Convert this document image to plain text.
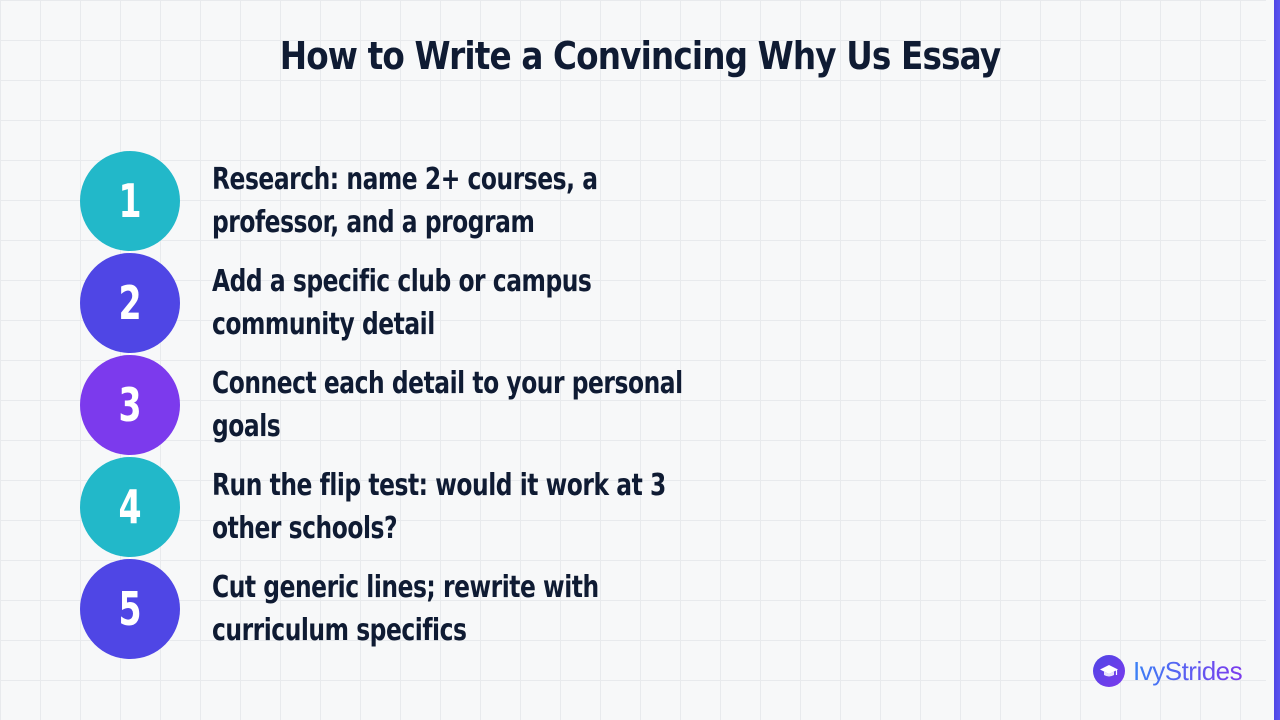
How to Write a Convincing Why Us Essay
1 Research: name 2+ courses, a professor, and a program
2 Add a specific club or campus community detail
3 Connect each detail to your personal goals
4 Run the flip test: would it work at 3 other schools?
5 Cut generic lines; rewrite with curriculum specifics
IvyStrides
